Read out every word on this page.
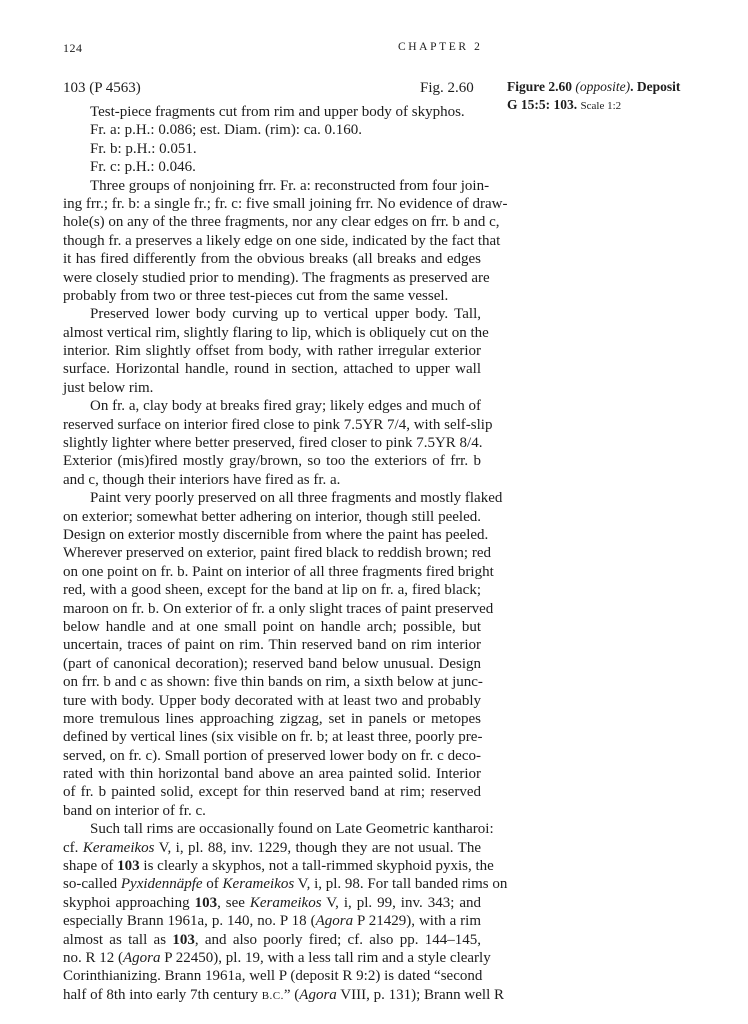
124	CHAPTER 2
103 (P 4563)	Fig. 2.60 Figure 2.60 (opposite). Deposit
G 15:5: 103. Scale 1:2
Test-piece fragments cut from rim and upper body of skyphos.
Fr. a: p.H.: 0.086; est. Diam. (rim): ca. 0.160.
Fr. b: p.H.: 0.051.
Fr. c: p.H.: 0.046.
Three groups of nonjoining frr. Fr. a: reconstructed from four join-
ing frr.; fr. b: a single fr.; fr. c: five small joining frr. No evidence of draw-
hole(s) on any of the three fragments, nor any clear edges on frr. b and c,
though fr. a preserves a likely edge on one side, indicated by the fact that
it has fired differently from the obvious breaks (all breaks and edges
were closely studied prior to mending). The fragments as preserved are
probably from two or three test-pieces cut from the same vessel.
Preserved lower body curving up to vertical upper body. Tall,
almost vertical rim, slightly flaring to lip, which is obliquely cut on the
interior. Rim slightly offset from body, with rather irregular exterior
surface. Horizontal handle, round in section, attached to upper wall
just below rim.
On fr. a, clay body at breaks fired gray; likely edges and much of
reserved surface on interior fired close to pink 7.5YR 7/4, with self-slip
slightly lighter where better preserved, fired closer to pink 7.5YR 8/4.
Exterior (mis)fired mostly gray/brown, so too the exteriors of frr. b
and c, though their interiors have fired as fr. a.
Paint very poorly preserved on all three fragments and mostly flaked
on exterior; somewhat better adhering on interior, though still peeled.
Design on exterior mostly discernible from where the paint has peeled.
Wherever preserved on exterior, paint fired black to reddish brown; red
on one point on fr. b. Paint on interior of all three fragments fired bright
red, with a good sheen, except for the band at lip on fr. a, fired black;
maroon on fr. b. On exterior of fr. a only slight traces of paint preserved
below handle and at one small point on handle arch; possible, but
uncertain, traces of paint on rim. Thin reserved band on rim interior
(part of canonical decoration); reserved band below unusual. Design
on frr. b and c as shown: five thin bands on rim, a sixth below at junc-
ture with body. Upper body decorated with at least two and probably
more tremulous lines approaching zigzag, set in panels or metopes
defined by vertical lines (six visible on fr. b; at least three, poorly pre-
served, on fr. c). Small portion of preserved lower body on fr. c deco-
rated with thin horizontal band above an area painted solid. Interior
of fr. b painted solid, except for thin reserved band at rim; reserved
band on interior of fr. c.
Such tall rims are occasionally found on Late Geometric kantharoi:
cf. Kerameikos V, i, pl. 88, inv. 1229, though they are not usual. The
shape of 103 is clearly a skyphos, not a tall-rimmed skyphoid pyxis, the
so-called Pyxidennäpfe of Kerameikos V, i, pl. 98. For tall banded rims on
skyphoi approaching 103, see Kerameikos V, i, pl. 99, inv. 343; and
especially Brann 1961a, p. 140, no. P 18 (Agora P 21429), with a rim
almost as tall as 103, and also poorly fired; cf. also pp. 144–145,
no. R 12 (Agora P 22450), pl. 19, with a less tall rim and a style clearly
Corinthianizing. Brann 1961a, well P (deposit R 9:2) is dated “second
half of 8th into early 7th century B.C.” (Agora VIII, p. 131); Brann well R
